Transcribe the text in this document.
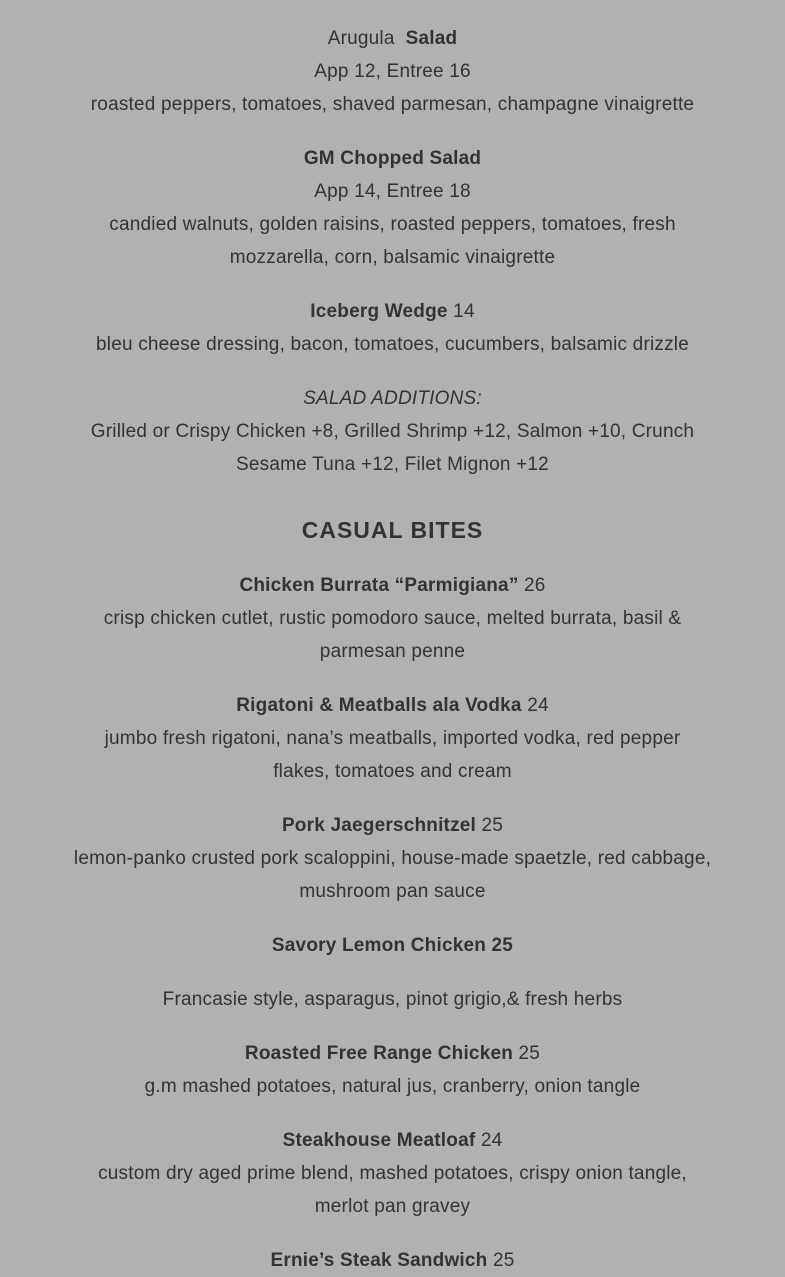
Arugula Salad
App 12, Entree 16
roasted peppers, tomatoes, shaved parmesan, champagne vinaigrette
GM Chopped Salad
App 14, Entree 18
candied walnuts, golden raisins, roasted peppers, tomatoes, fresh
mozzarella, corn, balsamic vinaigrette
Iceberg Wedge 14
bleu cheese dressing, bacon, tomatoes, cucumbers, balsamic drizzle
SALAD ADDITIONS:
Grilled or Crispy Chicken +8, Grilled Shrimp +12, Salmon +10, Crunch
Sesame Tuna +12, Filet Mignon +12
CASUAL BITES
Chicken Burrata “Parmigiana” 26
crisp chicken cutlet, rustic pomodoro sauce, melted burrata, basil &
parmesan penne
Rigatoni & Meatballs ala Vodka 24
jumbo fresh rigatoni, nana’s meatballs, imported vodka, red pepper
flakes, tomatoes and cream
Pork Jaegerschnitzel 25
lemon-panko crusted pork scaloppini, house-made spaetzle, red cabbage,
mushroom pan sauce
Savory Lemon Chicken 25
Francasie style, asparagus, pinot grigio,& fresh herbs
Roasted Free Range Chicken 25
g.m mashed potatoes, natural jus, cranberry, onion tangle
Steakhouse Meatloaf 24
custom dry aged prime blend, mashed potatoes, crispy onion tangle,
merlot pan gravey
Ernie’s Steak Sandwich 25
